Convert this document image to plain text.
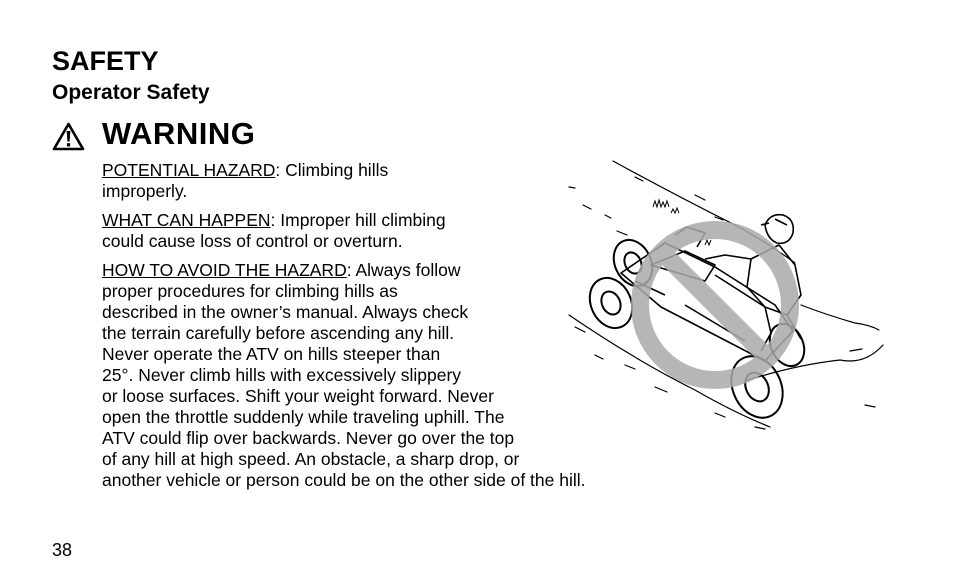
SAFETY
Operator Safety
WARNING

POTENTIAL HAZARD: Climbing hills
improperly.

WHAT CAN HAPPEN: Improper hill climbing
could cause loss of control or overturn.

HOW TO AVOID THE HAZARD: Always follow
proper procedures for climbing hills as
described in the owner’s manual. Always check
the terrain carefully before ascending any hill.
Never operate the ATV on hills steeper than
25°. Never climb hills with excessively slippery
or loose surfaces. Shift your weight forward. Never
open the throttle suddenly while traveling uphill. The
ATV could flip over backwards. Never go over the top
of any hill at high speed. An obstacle, a sharp drop, or
another vehicle or person could be on the other side of the hill.

38
